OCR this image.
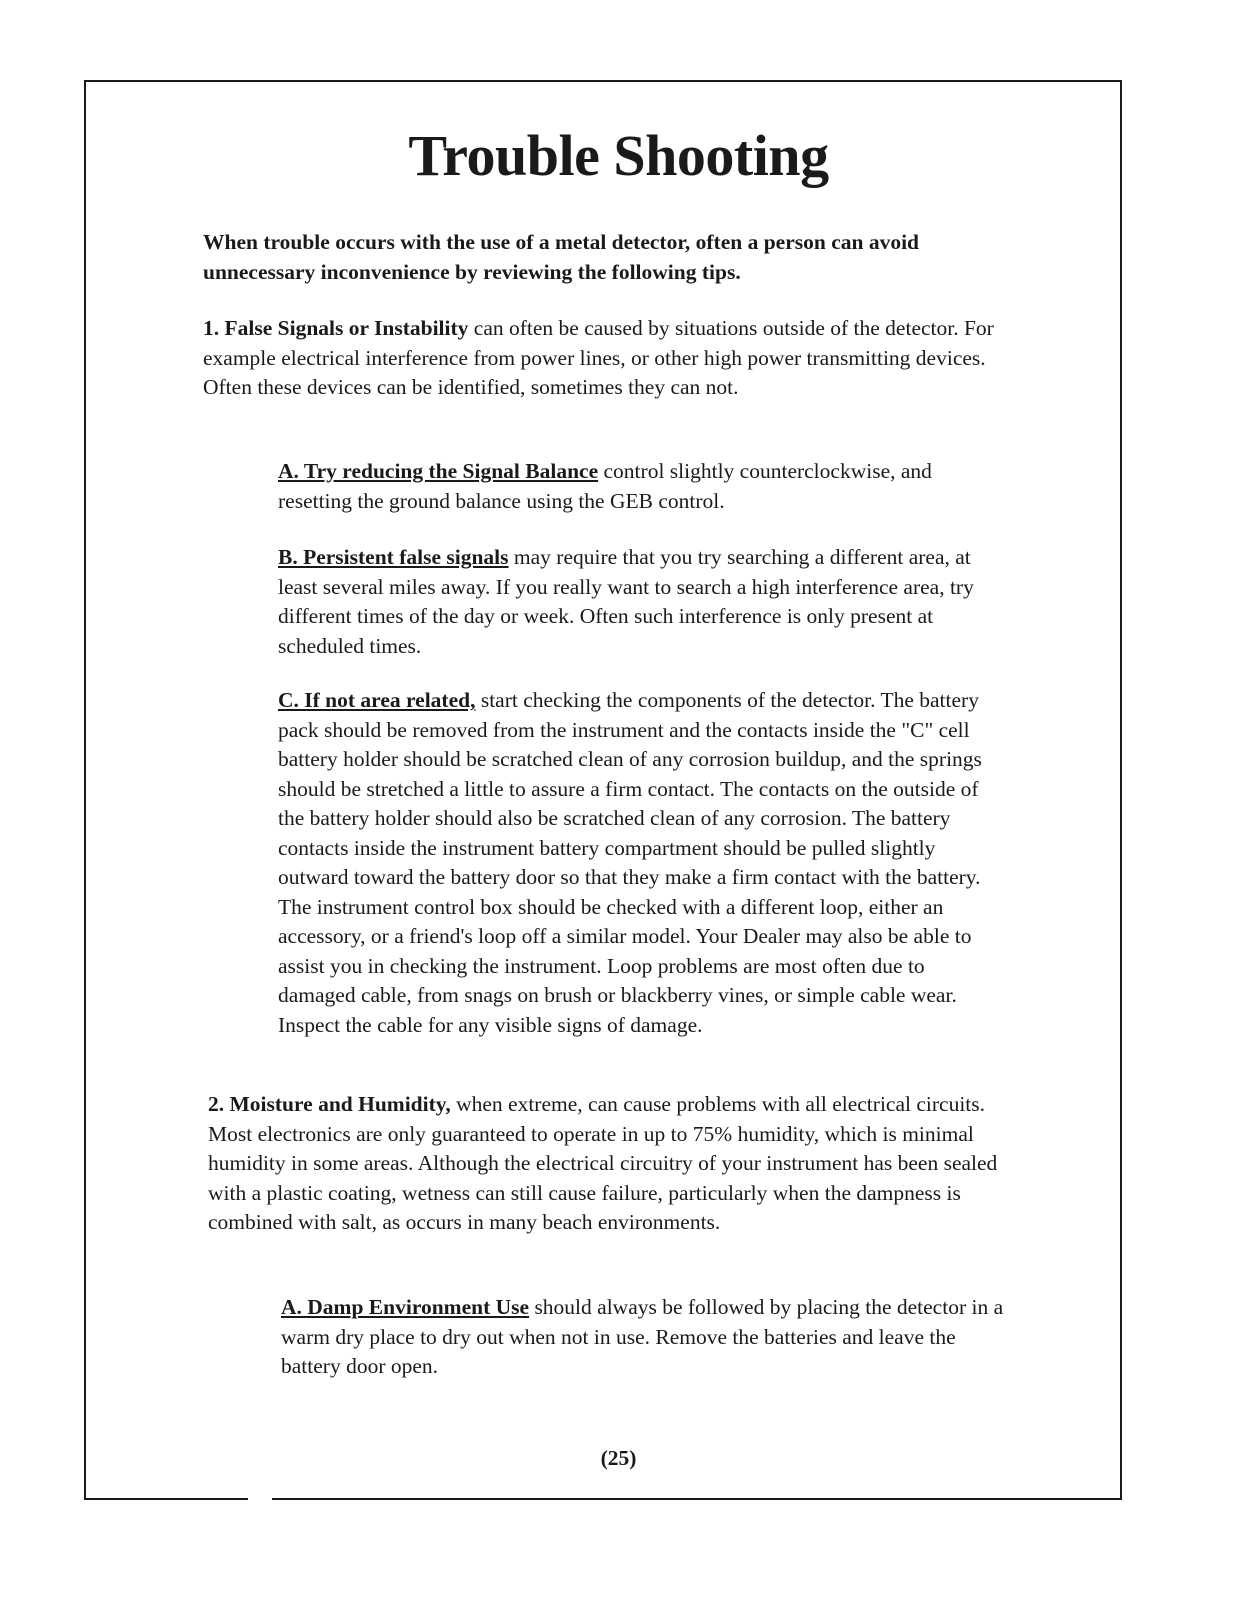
Trouble Shooting

When trouble occurs with the use of a metal detector, often a person can avoid unnecessary inconvenience by reviewing the following tips.

1. False Signals or Instability can often be caused by situations outside of the detector. For example electrical interference from power lines, or other high power transmitting devices. Often these devices can be identified, sometimes they can not.

A. Try reducing the Signal Balance control slightly counterclockwise, and resetting the ground balance using the GEB control.

B. Persistent false signals may require that you try searching a different area, at least several miles away. If you really want to search a high interference area, try different times of the day or week. Often such interference is only present at scheduled times.

C. If not area related, start checking the components of the detector. The battery pack should be removed from the instrument and the contacts inside the "C" cell battery holder should be scratched clean of any corrosion buildup, and the springs should be stretched a little to assure a firm contact. The contacts on the outside of the battery holder should also be scratched clean of any corrosion. The battery contacts inside the instrument battery compartment should be pulled slightly outward toward the battery door so that they make a firm contact with the battery. The instrument control box should be checked with a different loop, either an accessory, or a friend's loop off a similar model. Your Dealer may also be able to assist you in checking the instrument. Loop problems are most often due to damaged cable, from snags on brush or blackberry vines, or simple cable wear. Inspect the cable for any visible signs of damage.

2. Moisture and Humidity, when extreme, can cause problems with all electrical circuits. Most electronics are only guaranteed to operate in up to 75% humidity, which is minimal humidity in some areas. Although the electrical circuitry of your instrument has been sealed with a plastic coating, wetness can still cause failure, particularly when the dampness is combined with salt, as occurs in many beach environments.

A. Damp Environment Use should always be followed by placing the detector in a warm dry place to dry out when not in use. Remove the batteries and leave the battery door open.

(25)
